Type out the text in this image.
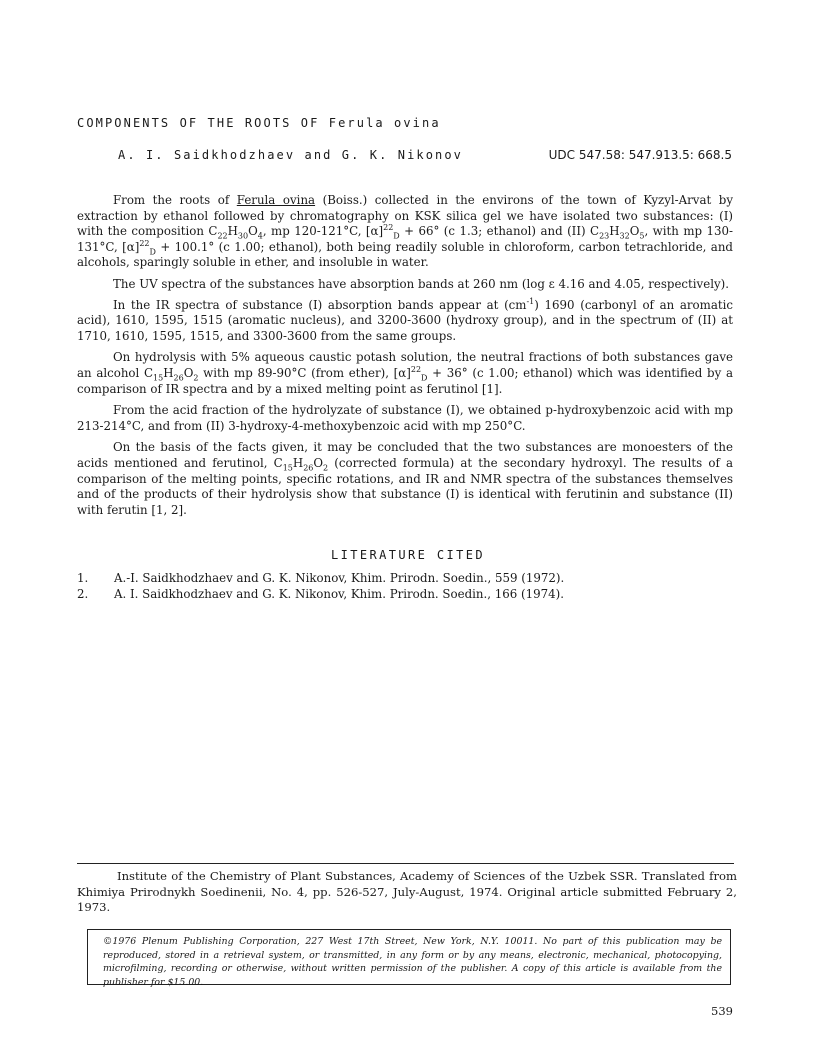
COMPONENTS OF THE ROOTS OF Ferula ovina
A. I. Saidkhodzhaev and G. K. Nikonov	UDC 547.58: 547.913.5: 668.5

From the roots of Ferula ovina (Boiss.) collected in the environs of the town of Kyzyl-Arvat by extraction by ethanol followed by chromatography on KSK silica gel we have isolated two substances: (I) with the composition $C_{22}H_{30}O_4$, mp 120-121°C, $[\alpha]^{22}_D + 66^\circ$ (c 1.3; ethanol) and (II) $C_{23}H_{32}O_5$, with mp 130-131°C, $[\alpha]^{22}_D + 100.1^\circ$ (c 1.00; ethanol), both being readily soluble in chloroform, carbon tetrachloride, and alcohols, sparingly soluble in ether, and insoluble in water.

The UV spectra of the substances have absorption bands at 260 nm (log ε 4.16 and 4.05, respectively).

In the IR spectra of substance (I) absorption bands appear at $(cm^{-1})$ 1690 (carbonyl of an aromatic acid), 1610, 1595, 1515 (aromatic nucleus), and 3200-3600 (hydroxy group), and in the spectrum of (II) at 1710, 1610, 1595, 1515, and 3300-3600 from the same groups.

On hydrolysis with 5% aqueous caustic potash solution, the neutral fractions of both substances gave an alcohol $C_{15}H_{26}O_2$ with mp 89-90°C (from ether), $[\alpha]^{22}_D + 36^\circ$ (c 1.00; ethanol) which was identified by a comparison of IR spectra and by a mixed melting point as ferutinol [1].

From the acid fraction of the hydrolyzate of substance (I), we obtained p-hydroxybenzoic acid with mp 213-214°C, and from (II) 3-hydroxy-4-methoxybenzoic acid with mp 250°C.

On the basis of the facts given, it may be concluded that the two substances are monoesters of the acids mentioned and ferutinol, $C_{15}H_{26}O_2$ (corrected formula) at the secondary hydroxyl. The results of a comparison of the melting points, specific rotations, and IR and NMR spectra of the substances themselves and of the products of their hydrolysis show that substance (I) is identical with ferutinin and substance (II) with ferutin [1, 2].

LITERATURE CITED
1.	A.-I. Saidkhodzhaev and G. K. Nikonov, Khim. Prirodn. Soedin., 559 (1972).
2.	A. I. Saidkhodzhaev and G. K. Nikonov, Khim. Prirodn. Soedin., 166 (1974).
Institute of the Chemistry of Plant Substances, Academy of Sciences of the Uzbek SSR. Translated from Khimiya Prirodnykh Soedinenii, No. 4, pp. 526-527, July-August, 1974. Original article submitted February 2, 1973.
©1976 Plenum Publishing Corporation, 227 West 17th Street, New York, N.Y. 10011. No part of this publication may be reproduced, stored in a retrieval system, or transmitted, in any form or by any means, electronic, mechanical, photocopying, microfilming, recording or otherwise, without written permission of the publisher. A copy of this article is available from the publisher for $15.00.
539
